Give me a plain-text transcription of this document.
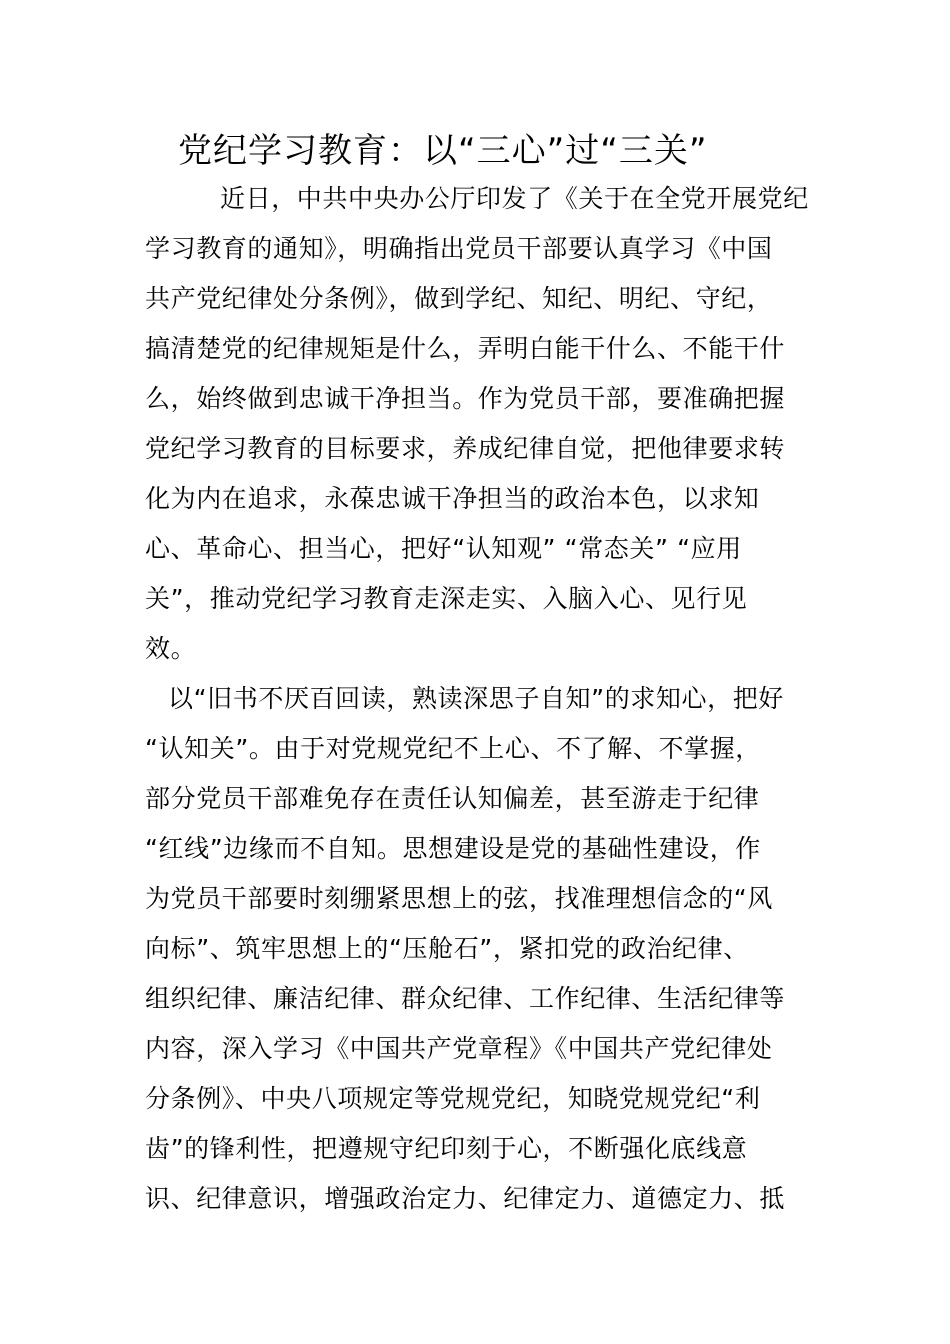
党纪学习教育：以“三心”过“三关”
近日，中共中央办公厅印发了《关于在全党开展党纪
学习教育的通知》，明确指出党员干部要认真学习《中国
共产党纪律处分条例》，做到学纪、知纪、明纪、守纪，
搞清楚党的纪律规矩是什么，弄明白能干什么、不能干什
么，始终做到忠诚干净担当。作为党员干部，要准确把握
党纪学习教育的目标要求，养成纪律自觉，把他律要求转
化为内在追求，永葆忠诚干净担当的政治本色，以求知
心、革命心、担当心，把好“认知观” “常态关” “应用
关”，推动党纪学习教育走深走实、入脑入心、见行见
效。
以“旧书不厌百回读，熟读深思子自知”的求知心，把好
“认知关”。由于对党规党纪不上心、不了解、不掌握，
部分党员干部难免存在责任认知偏差，甚至游走于纪律
“红线”边缘而不自知。思想建设是党的基础性建设，作
为党员干部要时刻绷紧思想上的弦，找准理想信念的“风
向标”、筑牢思想上的“压舱石”，紧扣党的政治纪律、
组织纪律、廉洁纪律、群众纪律、工作纪律、生活纪律等
内容，深入学习《中国共产党章程》《中国共产党纪律处
分条例》、中央八项规定等党规党纪，知晓党规党纪“利
齿”的锋利性，把遵规守纪印刻于心，不断强化底线意
识、纪律意识，增强政治定力、纪律定力、道德定力、抵
